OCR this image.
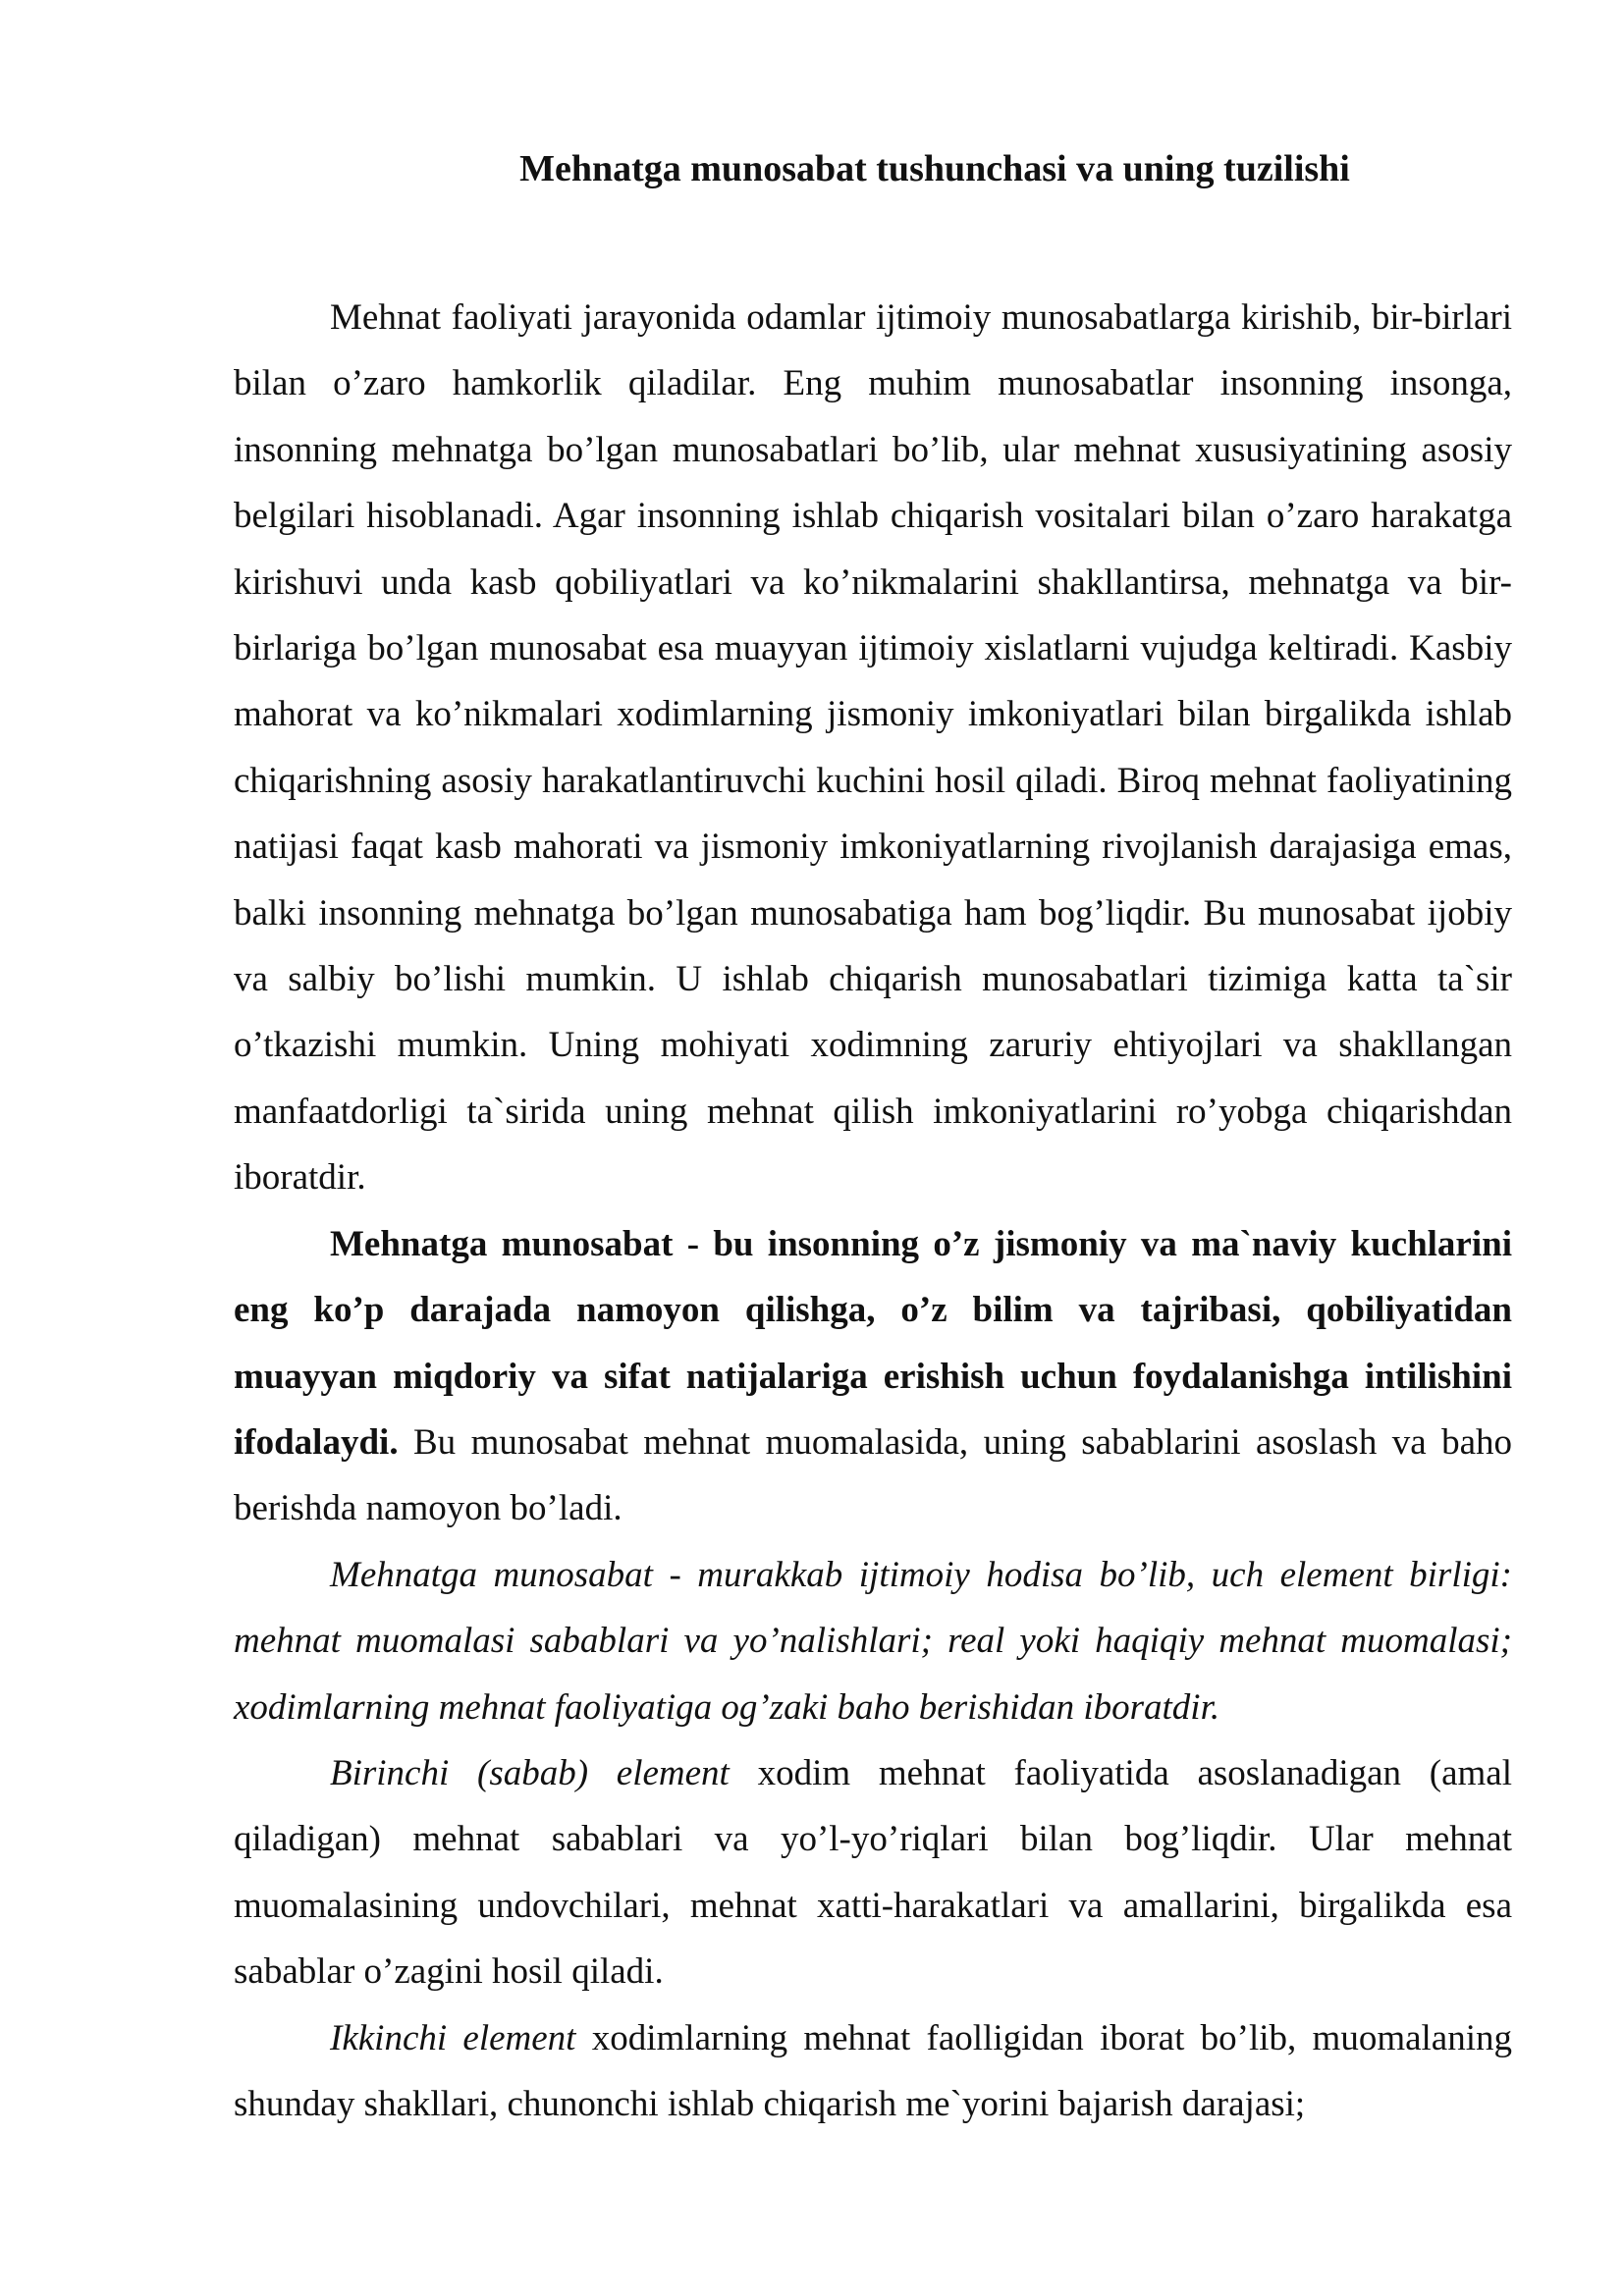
Mehnatga munosabat tushunchasi va uning tuzilishi

Mehnat faoliyati jarayonida odamlar ijtimoiy munosabatlarga kirishib, bir-birlari bilan o’zaro hamkorlik qiladilar. Eng muhim munosabatlar insonning insonga, insonning mehnatga bo’lgan munosabatlari bo’lib, ular mehnat xususiyatining asosiy belgilari hisoblanadi. Agar insonning ishlab chiqarish vositalari bilan o’zaro harakatga kirishuvi unda kasb qobiliyatlari va ko’nikmalarini shakllantirsa, mehnatga va bir-birlariga bo’lgan munosabat esa muayyan ijtimoiy xislatlarni vujudga keltiradi. Kasbiy mahorat va ko’nikmalari xodimlarning jismoniy imkoniyatlari bilan birgalikda ishlab chiqarishning asosiy harakatlantiruvchi kuchini hosil qiladi. Biroq mehnat faoliyatining natijasi faqat kasb mahorati va jismoniy imkoniyatlarning rivojlanish darajasiga emas, balki insonning mehnatga bo’lgan munosabatiga ham bog’liqdir. Bu munosabat ijobiy va salbiy bo’lishi mumkin. U ishlab chiqarish munosabatlari tizimiga katta ta`sir o’tkazishi mumkin. Uning mohiyati xodimning zaruriy ehtiyojlari va shakllangan manfaatdorligi ta`sirida uning mehnat qilish imkoniyatlarini ro’yobga chiqarishdan iboratdir.

Mehnatga munosabat - bu insonning o’z jismoniy va ma`naviy kuchlarini eng ko’p darajada namoyon qilishga, o’z bilim va tajribasi, qobiliyatidan muayyan miqdoriy va sifat natijalariga erishish uchun foydalanishga intilishini ifodalaydi. Bu munosabat mehnat muomalasida, uning sabablarini asoslash va baho berishda namoyon bo’ladi.

Mehnatga munosabat - murakkab ijtimoiy hodisa bo’lib, uch element birligi: mehnat muomalasi sabablari va yo’nalishlari; real yoki haqiqiy mehnat muomalasi; xodimlarning mehnat faoliyatiga og’zaki baho berishidan iboratdir.

Birinchi (sabab) element xodim mehnat faoliyatida asoslanadigan (amal qiladigan) mehnat sabablari va yo’l-yo’riqlari bilan bog’liqdir. Ular mehnat muomalasining undovchilari, mehnat xatti-harakatlari va amallarini, birgalikda esa sabablar o’zagini hosil qiladi.

Ikkinchi element xodimlarning mehnat faolligidan iborat bo’lib, muomalaning shunday shakllari, chunonchi ishlab chiqarish me`yorini bajarish darajasi;
